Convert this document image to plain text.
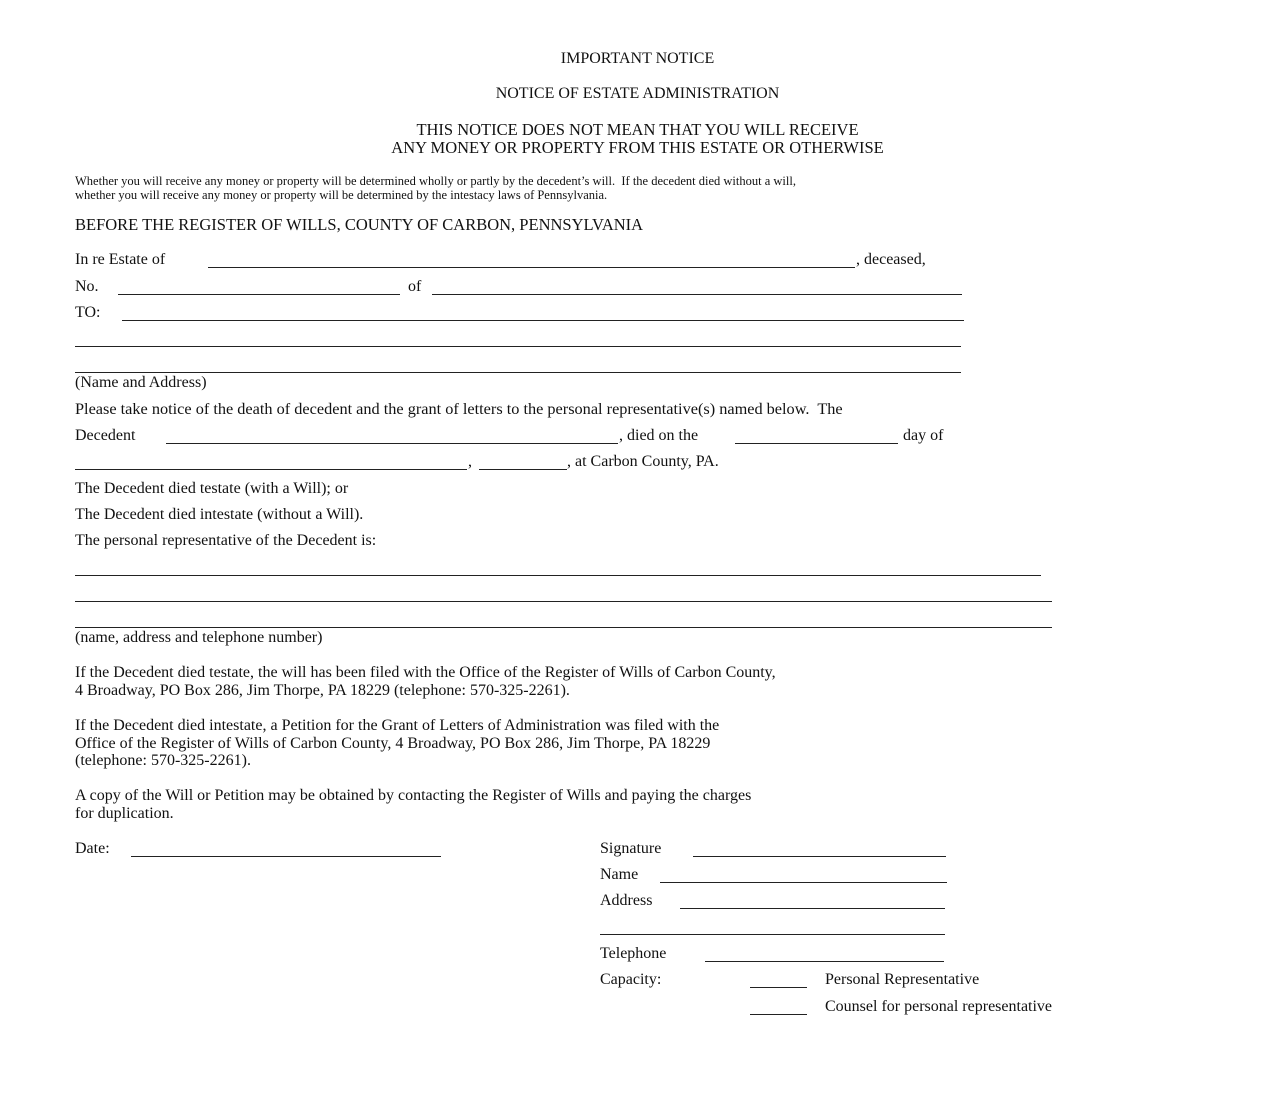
IMPORTANT NOTICE
NOTICE OF ESTATE ADMINISTRATION
THIS NOTICE DOES NOT MEAN THAT YOU WILL RECEIVE
ANY MONEY OR PROPERTY FROM THIS ESTATE OR OTHERWISE
Whether you will receive any money or property will be determined wholly or partly by the decedent’s will.  If the decedent died without a will,
whether you will receive any money or property will be determined by the intestacy laws of Pennsylvania.
BEFORE THE REGISTER OF WILLS, COUNTY OF CARBON, PENNSYLVANIA
In re Estate of	, deceased,
No.	of
TO:
(Name and Address)
Please take notice of the death of decedent and the grant of letters to the personal representative(s) named below.  The
Decedent	, died on the	day of
,	, at Carbon County, PA.
The Decedent died testate (with a Will); or
The Decedent died intestate (without a Will).
The personal representative of the Decedent is:
(name, address and telephone number)
If the Decedent died testate, the will has been filed with the Office of the Register of Wills of Carbon County,
4 Broadway, PO Box 286, Jim Thorpe, PA 18229 (telephone: 570-325-2261).
If the Decedent died intestate, a Petition for the Grant of Letters of Administration was filed with the
Office of the Register of Wills of Carbon County, 4 Broadway, PO Box 286, Jim Thorpe, PA 18229
(telephone: 570-325-2261).
A copy of the Will or Petition may be obtained by contacting the Register of Wills and paying the charges
for duplication.
Date:	Signature
Name
Address
Telephone
Capacity:	Personal Representative
Counsel for personal representative
